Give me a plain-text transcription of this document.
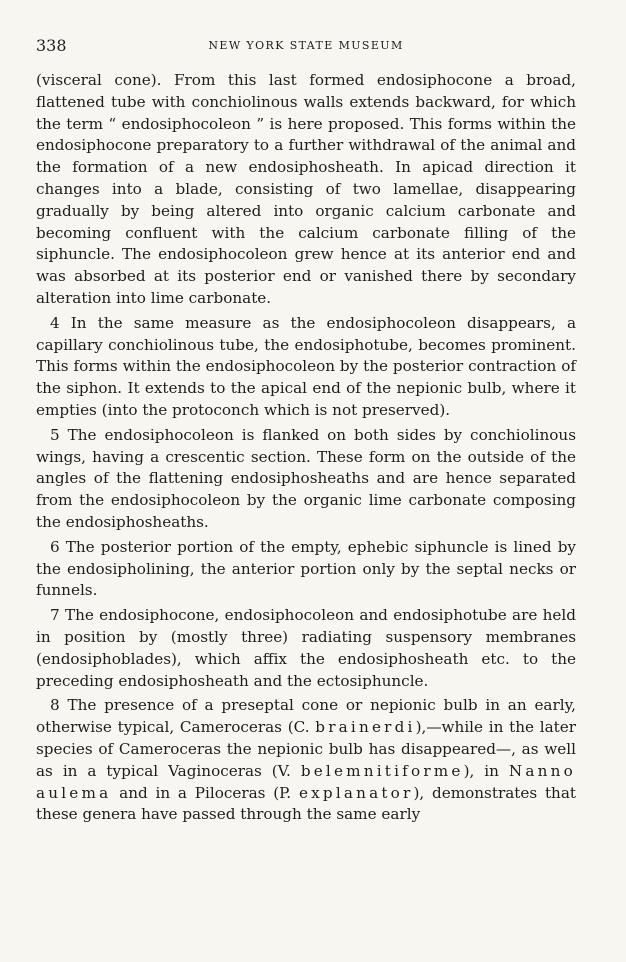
338	NEW YORK STATE MUSEUM

(visceral cone). From this last formed endosiphocone a broad, flattened tube with conchiolinous walls extends backward, for which the term “ endosiphocoleon ” is here proposed. This forms within the endosiphocone preparatory to a further withdrawal of the animal and the formation of a new endosiphosheath. In apicad direction it changes into a blade, consisting of two lamellae, disappearing gradually by being altered into organic calcium carbonate and becoming confluent with the calcium carbonate filling of the siphuncle. The endosiphocoleon grew hence at its anterior end and was absorbed at its posterior end or vanished there by secondary alteration into lime carbonate.

4 In the same measure as the endosiphocoleon disappears, a capillary conchiolinous tube, the endosiphotube, becomes prominent. This forms within the endosiphocoleon by the posterior contraction of the siphon. It extends to the apical end of the nepionic bulb, where it empties (into the protoconch which is not preserved).

5 The endosiphocoleon is flanked on both sides by conchiolinous wings, having a crescentic section. These form on the outside of the angles of the flattening endosiphosheaths and are hence separated from the endosiphocoleon by the organic lime carbonate composing the endosiphosheaths.

6 The posterior portion of the empty, ephebic siphuncle is lined by the endosipholining, the anterior portion only by the septal necks or funnels.

7 The endosiphocone, endosiphocoleon and endosiphotube are held in position by (mostly three) radiating suspensory membranes (endosiphoblades), which affix the endosiphosheath etc. to the preceding endosiphosheath and the ectosiphuncle.

8 The presence of a preseptal cone or nepionic bulb in an early, otherwise typical, Cameroceras (C. brainerdi),—while in the later species of Cameroceras the nepionic bulb has disappeared—, as well as in a typical Vaginoceras (V. belemnitiforme), in Nanno aulema and in a Piloceras (P. explanator), demonstrates that these genera have passed through the same early
